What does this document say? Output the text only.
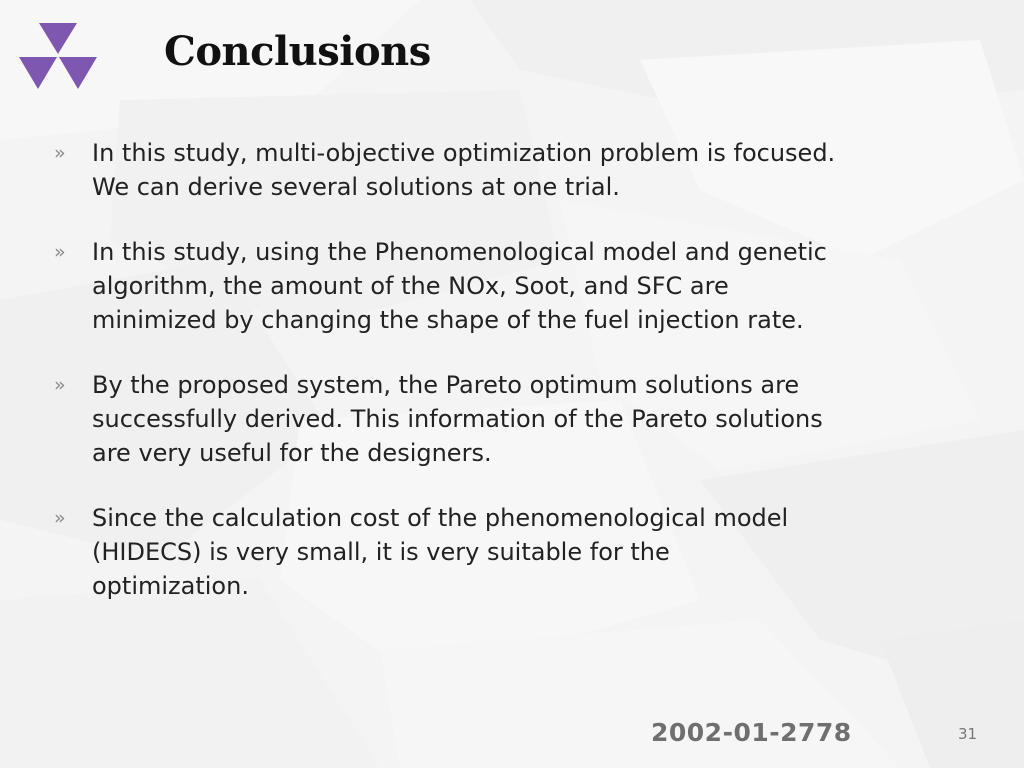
Conclusions
» In this study, multi-objective optimization problem is focused.
We can derive several solutions at one trial.
» In this study, using the Phenomenological model and genetic
algorithm, the amount of the NOx, Soot, and SFC are
minimized by changing the shape of the fuel injection rate.
» By the proposed system, the Pareto optimum solutions are
successfully derived. This information of the Pareto solutions
are very useful for the designers.
» Since the calculation cost of the phenomenological model
(HIDECS) is very small, it is very suitable for the
optimization.
2002-01-2778	31
